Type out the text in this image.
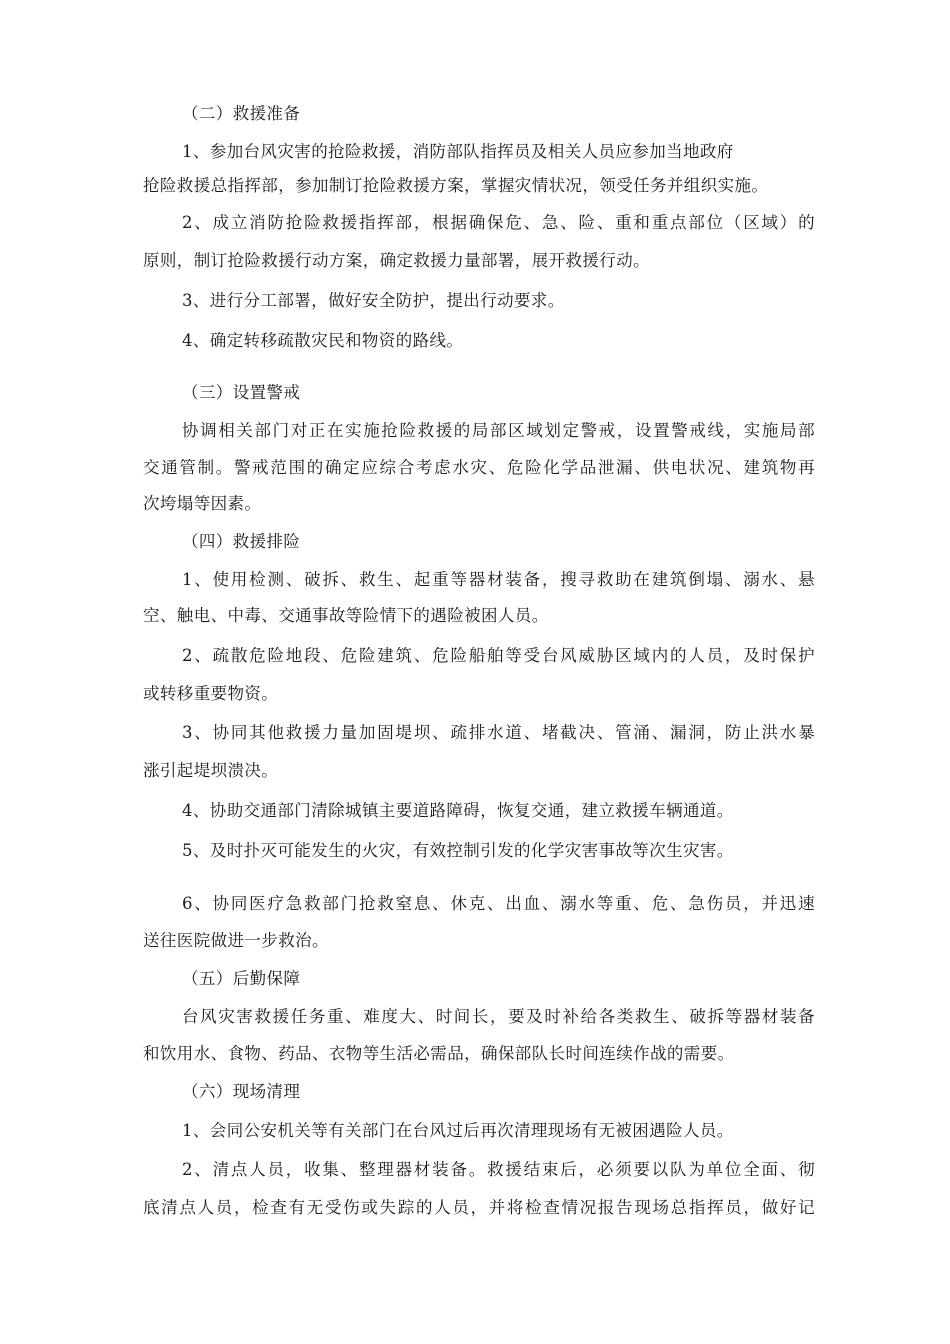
（二）救援准备
1、参加台风灾害的抢险救援，消防部队指挥员及相关人员应参加当地政府
抢险救援总指挥部，参加制订抢险救援方案，掌握灾情状况，领受任务并组织实施。
2、成立消防抢险救援指挥部，根据确保危、急、险、重和重点部位（区域）的
原则，制订抢险救援行动方案，确定救援力量部署，展开救援行动。
3、进行分工部署，做好安全防护，提出行动要求。
4、确定转移疏散灾民和物资的路线。
（三）设置警戒
协调相关部门对正在实施抢险救援的局部区域划定警戒，设置警戒线，实施局部
交通管制。警戒范围的确定应综合考虑水灾、危险化学品泄漏、供电状况、建筑物再
次垮塌等因素。
（四）救援排险
1、使用检测、破拆、救生、起重等器材装备，搜寻救助在建筑倒塌、溺水、悬
空、触电、中毒、交通事故等险情下的遇险被困人员。
2、疏散危险地段、危险建筑、危险船舶等受台风威胁区域内的人员，及时保护
或转移重要物资。
3、协同其他救援力量加固堤坝、疏排水道、堵截决、管涌、漏洞，防止洪水暴
涨引起堤坝溃决。
4、协助交通部门清除城镇主要道路障碍，恢复交通，建立救援车辆通道。
5、及时扑灭可能发生的火灾，有效控制引发的化学灾害事故等次生灾害。
6、协同医疗急救部门抢救窒息、休克、出血、溺水等重、危、急伤员，并迅速
送往医院做进一步救治。
（五）后勤保障
台风灾害救援任务重、难度大、时间长，要及时补给各类救生、破拆等器材装备
和饮用水、食物、药品、衣物等生活必需品，确保部队长时间连续作战的需要。
（六）现场清理
1、会同公安机关等有关部门在台风过后再次清理现场有无被困遇险人员。
2、清点人员，收集、整理器材装备。救援结束后，必须要以队为单位全面、彻
底清点人员，检查有无受伤或失踪的人员，并将检查情况报告现场总指挥员，做好记
